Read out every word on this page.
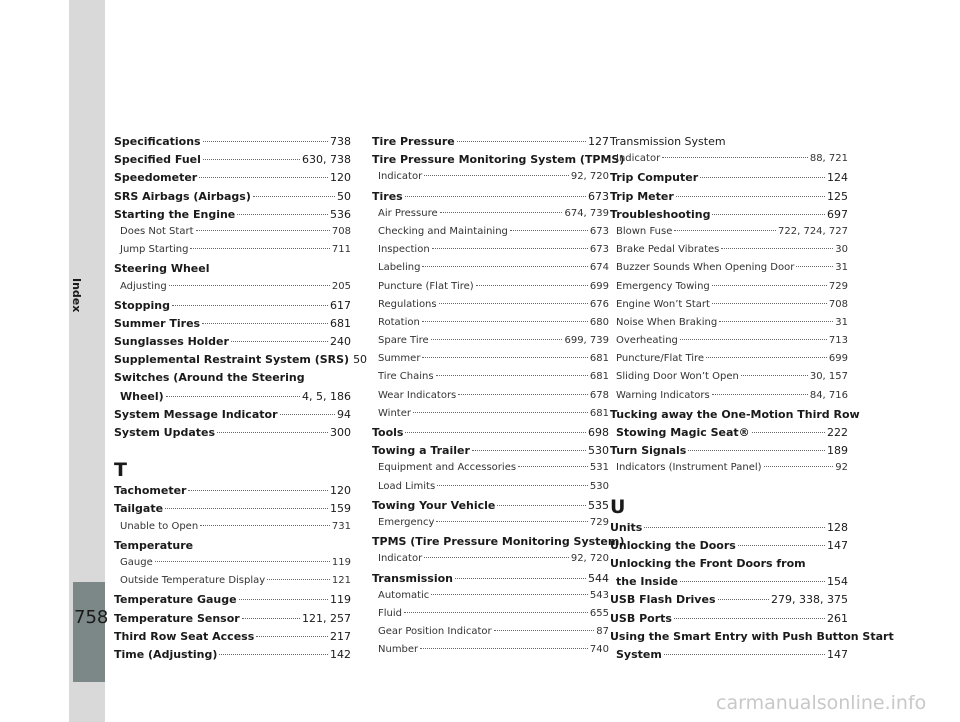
Index
758
Specifications	738
Specified Fuel	630, 738
Speedometer	120
SRS Airbags (Airbags)	50
Starting the Engine	536
Does Not Start	708
Jump Starting	711
Steering Wheel
Adjusting	205
Stopping	617
Summer Tires	681
Sunglasses Holder	240
Supplemental Restraint System (SRS) 50
Switches (Around the Steering
Wheel)	4, 5, 186
System Message Indicator	94
System Updates	300
T
Tachometer	120
Tailgate	159
Unable to Open	731
Temperature
Gauge	119
Outside Temperature Display	121
Temperature Gauge	119
Temperature Sensor	121, 257
Third Row Seat Access	217
Time (Adjusting)	142
Tire Pressure	127
Tire Pressure Monitoring System (TPMS)
Indicator	92, 720
Tires	673
Air Pressure	674, 739
Checking and Maintaining	673
Inspection	673
Labeling	674
Puncture (Flat Tire)	699
Regulations	676
Rotation	680
Spare Tire	699, 739
Summer	681
Tire Chains	681
Wear Indicators	678
Winter	681
Tools	698
Towing a Trailer	530
Equipment and Accessories	531
Load Limits	530
Towing Your Vehicle	535
Emergency	729
TPMS (Tire Pressure Monitoring System)
Indicator	92, 720
Transmission	544
Automatic	543
Fluid	655
Gear Position Indicator	87
Number	740
Transmission System
Indicator	88, 721
Trip Computer	124
Trip Meter	125
Troubleshooting	697
Blown Fuse	722, 724, 727
Brake Pedal Vibrates	30
Buzzer Sounds When Opening Door	31
Emergency Towing	729
Engine Won’t Start	708
Noise When Braking	31
Overheating	713
Puncture/Flat Tire	699
Sliding Door Won’t Open	30, 157
Warning Indicators	84, 716
Tucking away the One-Motion Third Row
Stowing Magic Seat®	222
Turn Signals	189
Indicators (Instrument Panel)	92
U
Units	128
Unlocking the Doors	147
Unlocking the Front Doors from
the Inside	154
USB Flash Drives	279, 338, 375
USB Ports	261
Using the Smart Entry with Push Button Start
System	147
carmanualsonline.info
